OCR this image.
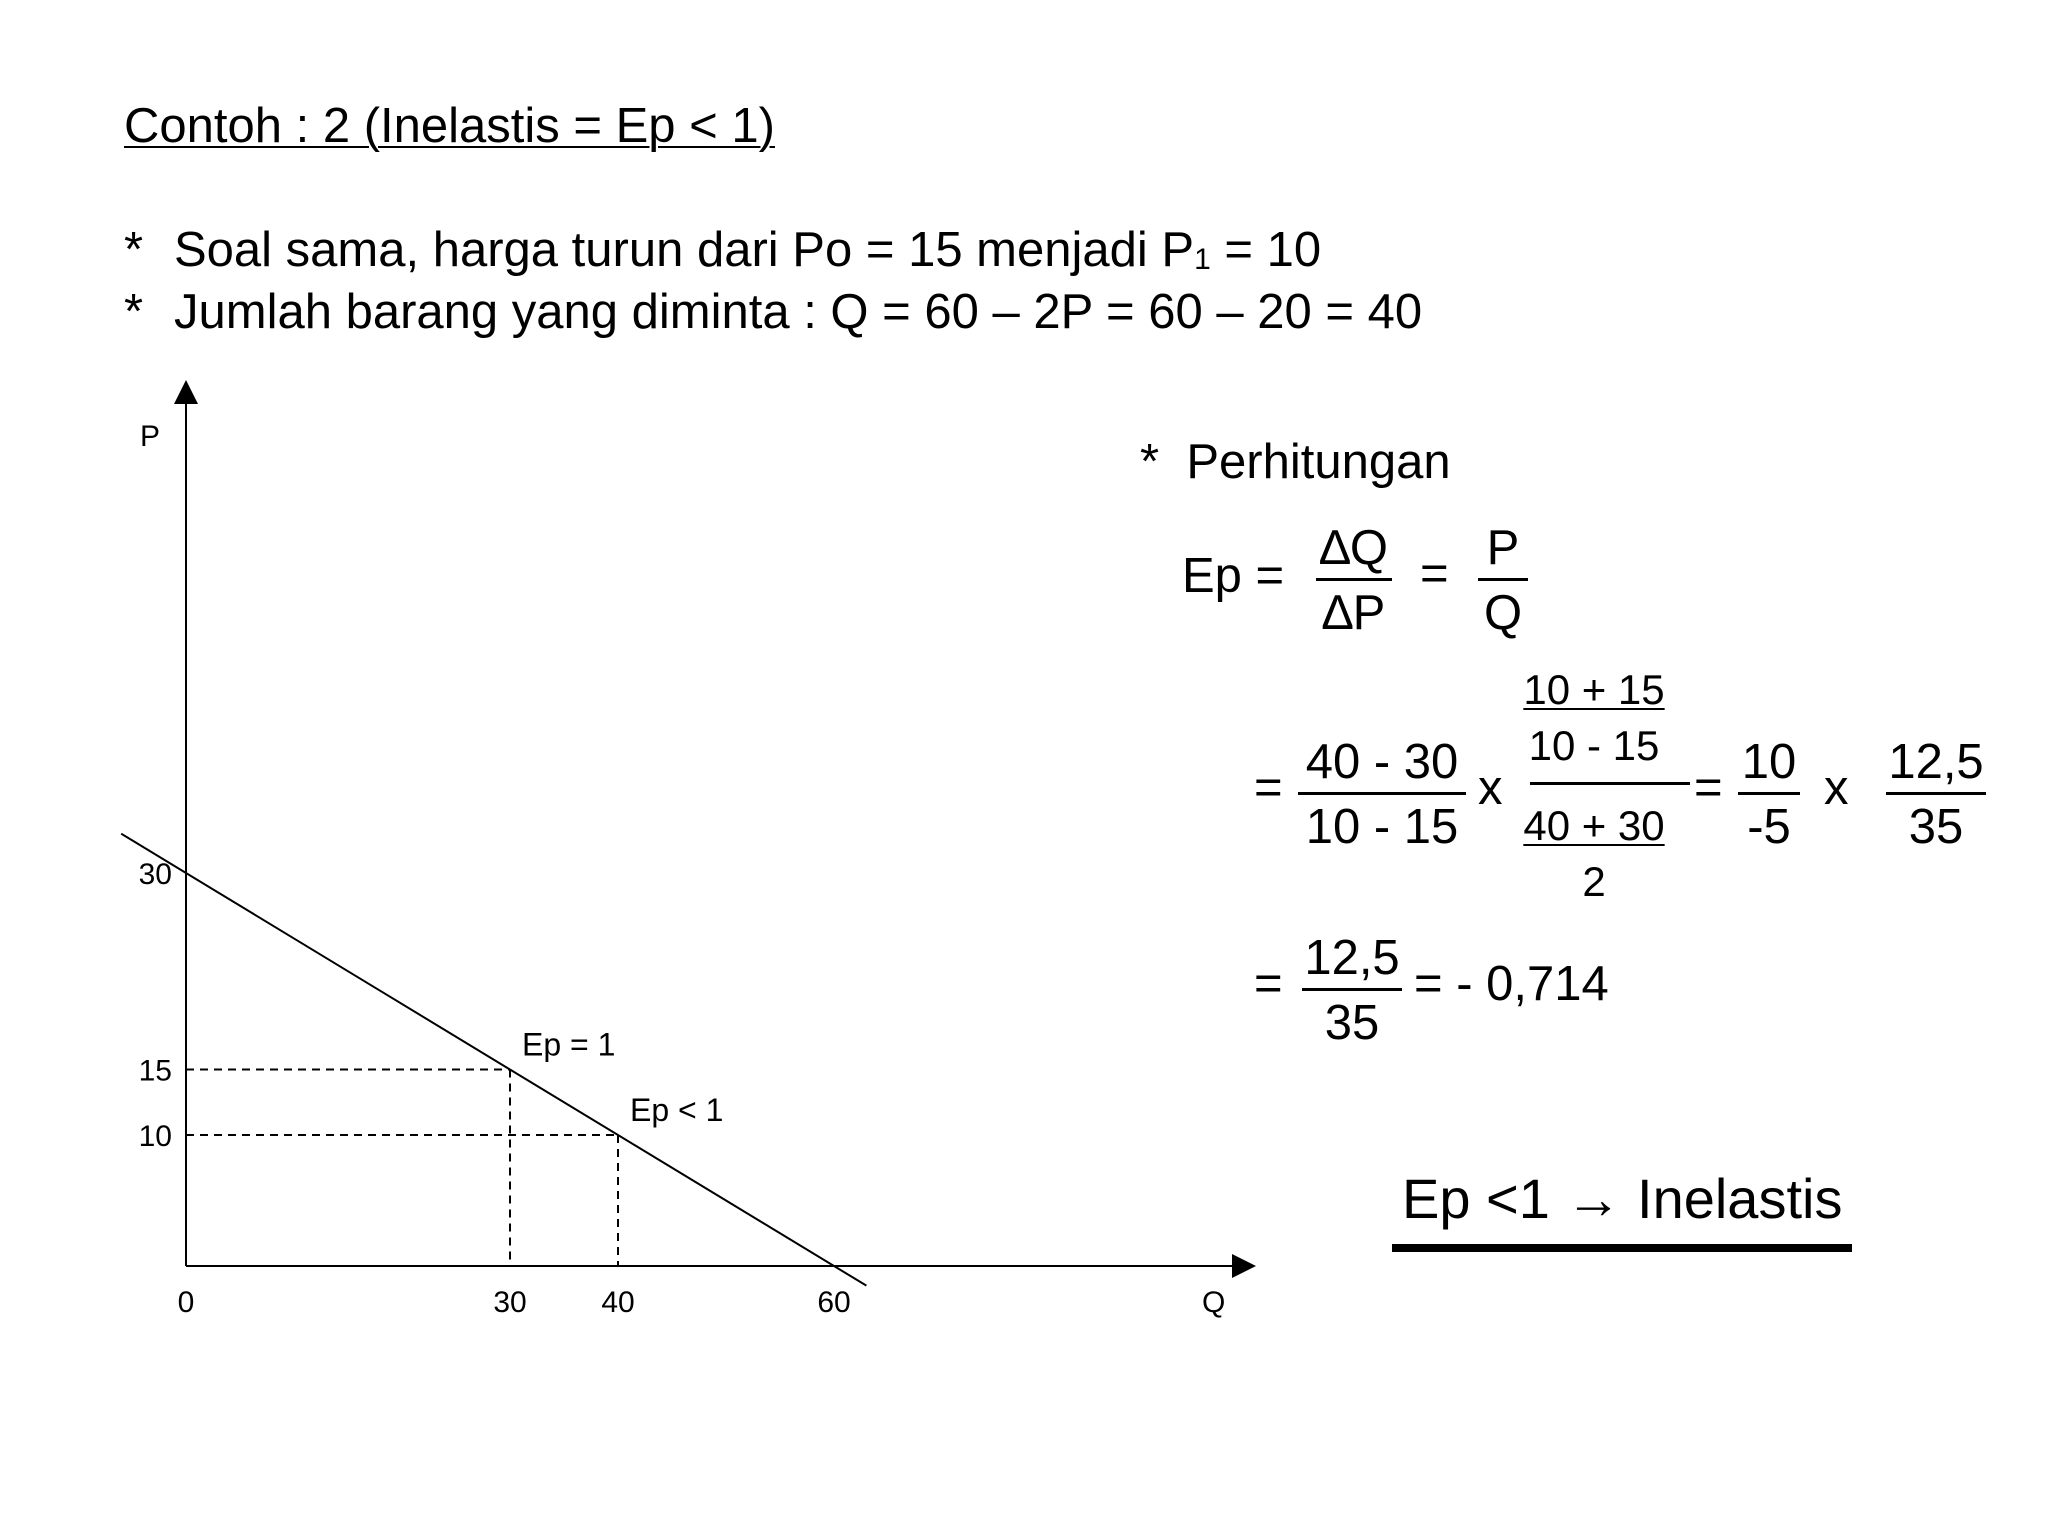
Contoh : 2 (Inelastis = Ep < 1)
* Soal sama, harga turun dari Po = 15 menjadi $P_1 = 10$
* Jumlah barang yang diminta : Q = 60 – 2P = 60 – 20 = 40
Q
P
Ep = 1
Ep < 1
0	30 40	60
30
15
10
* Perhitungan
$Ep = \frac{\Delta Q}{\Delta P} = \frac{P}{Q}$
= $\frac{40 - 30}{10 - 15}$ x
10 + 15
10 - 15
40 + 30
2
= $\frac{10}{-5}$ x $\frac{12,5}{35}$
= $\frac{12,5}{35}$ = - 0,714
Ep <1 → Inelastis
